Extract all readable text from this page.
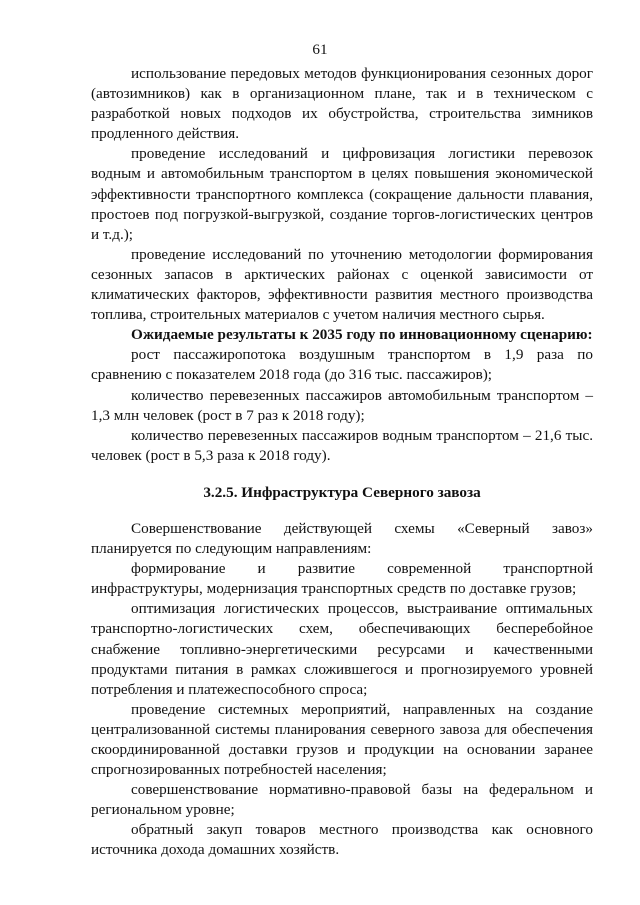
61

использование передовых методов функционирования сезонных дорог (автозимников) как в организационном плане, так и в техническом с разработкой новых подходов их обустройства, строительства зимников продленного действия.

проведение исследований и цифровизация логистики перевозок водным и автомобильным транспортом в целях повышения экономической эффективности транспортного комплекса (сокращение дальности плавания, простоев под погрузкой-выгрузкой, создание торгов-логистических центров и т.д.);

проведение исследований по уточнению методологии формирования сезонных запасов в арктических районах с оценкой зависимости от климатических факторов, эффективности развития местного производства топлива, строительных материалов с учетом наличия местного сырья.

Ожидаемые результаты к 2035 году по инновационному сценарию:

рост пассажиропотока воздушным транспортом в 1,9 раза по сравнению с показателем 2018 года (до 316 тыс. пассажиров);

количество перевезенных пассажиров автомобильным транспортом – 1,3 млн человек (рост в 7 раз к 2018 году);

количество перевезенных пассажиров водным транспортом – 21,6 тыс. человек (рост в 5,3 раза к 2018 году).

3.2.5. Инфраструктура Северного завоза

Совершенствование действующей схемы «Северный завоз» планируется по следующим направлениям:

формирование и развитие современной транспортной инфраструктуры, модернизация транспортных средств по доставке грузов;

оптимизация логистических процессов, выстраивание оптимальных транспортно-логистических схем, обеспечивающих бесперебойное снабжение топливно-энергетическими ресурсами и качественными продуктами питания в рамках сложившегося и прогнозируемого уровней потребления и платежеспособного спроса;

проведение системных мероприятий, направленных на создание централизованной системы планирования северного завоза для обеспечения скоординированной доставки грузов и продукции на основании заранее спрогнозированных потребностей населения;

совершенствование нормативно-правовой базы на федеральном и региональном уровне;

обратный закуп товаров местного производства как основного источника дохода домашних хозяйств.
